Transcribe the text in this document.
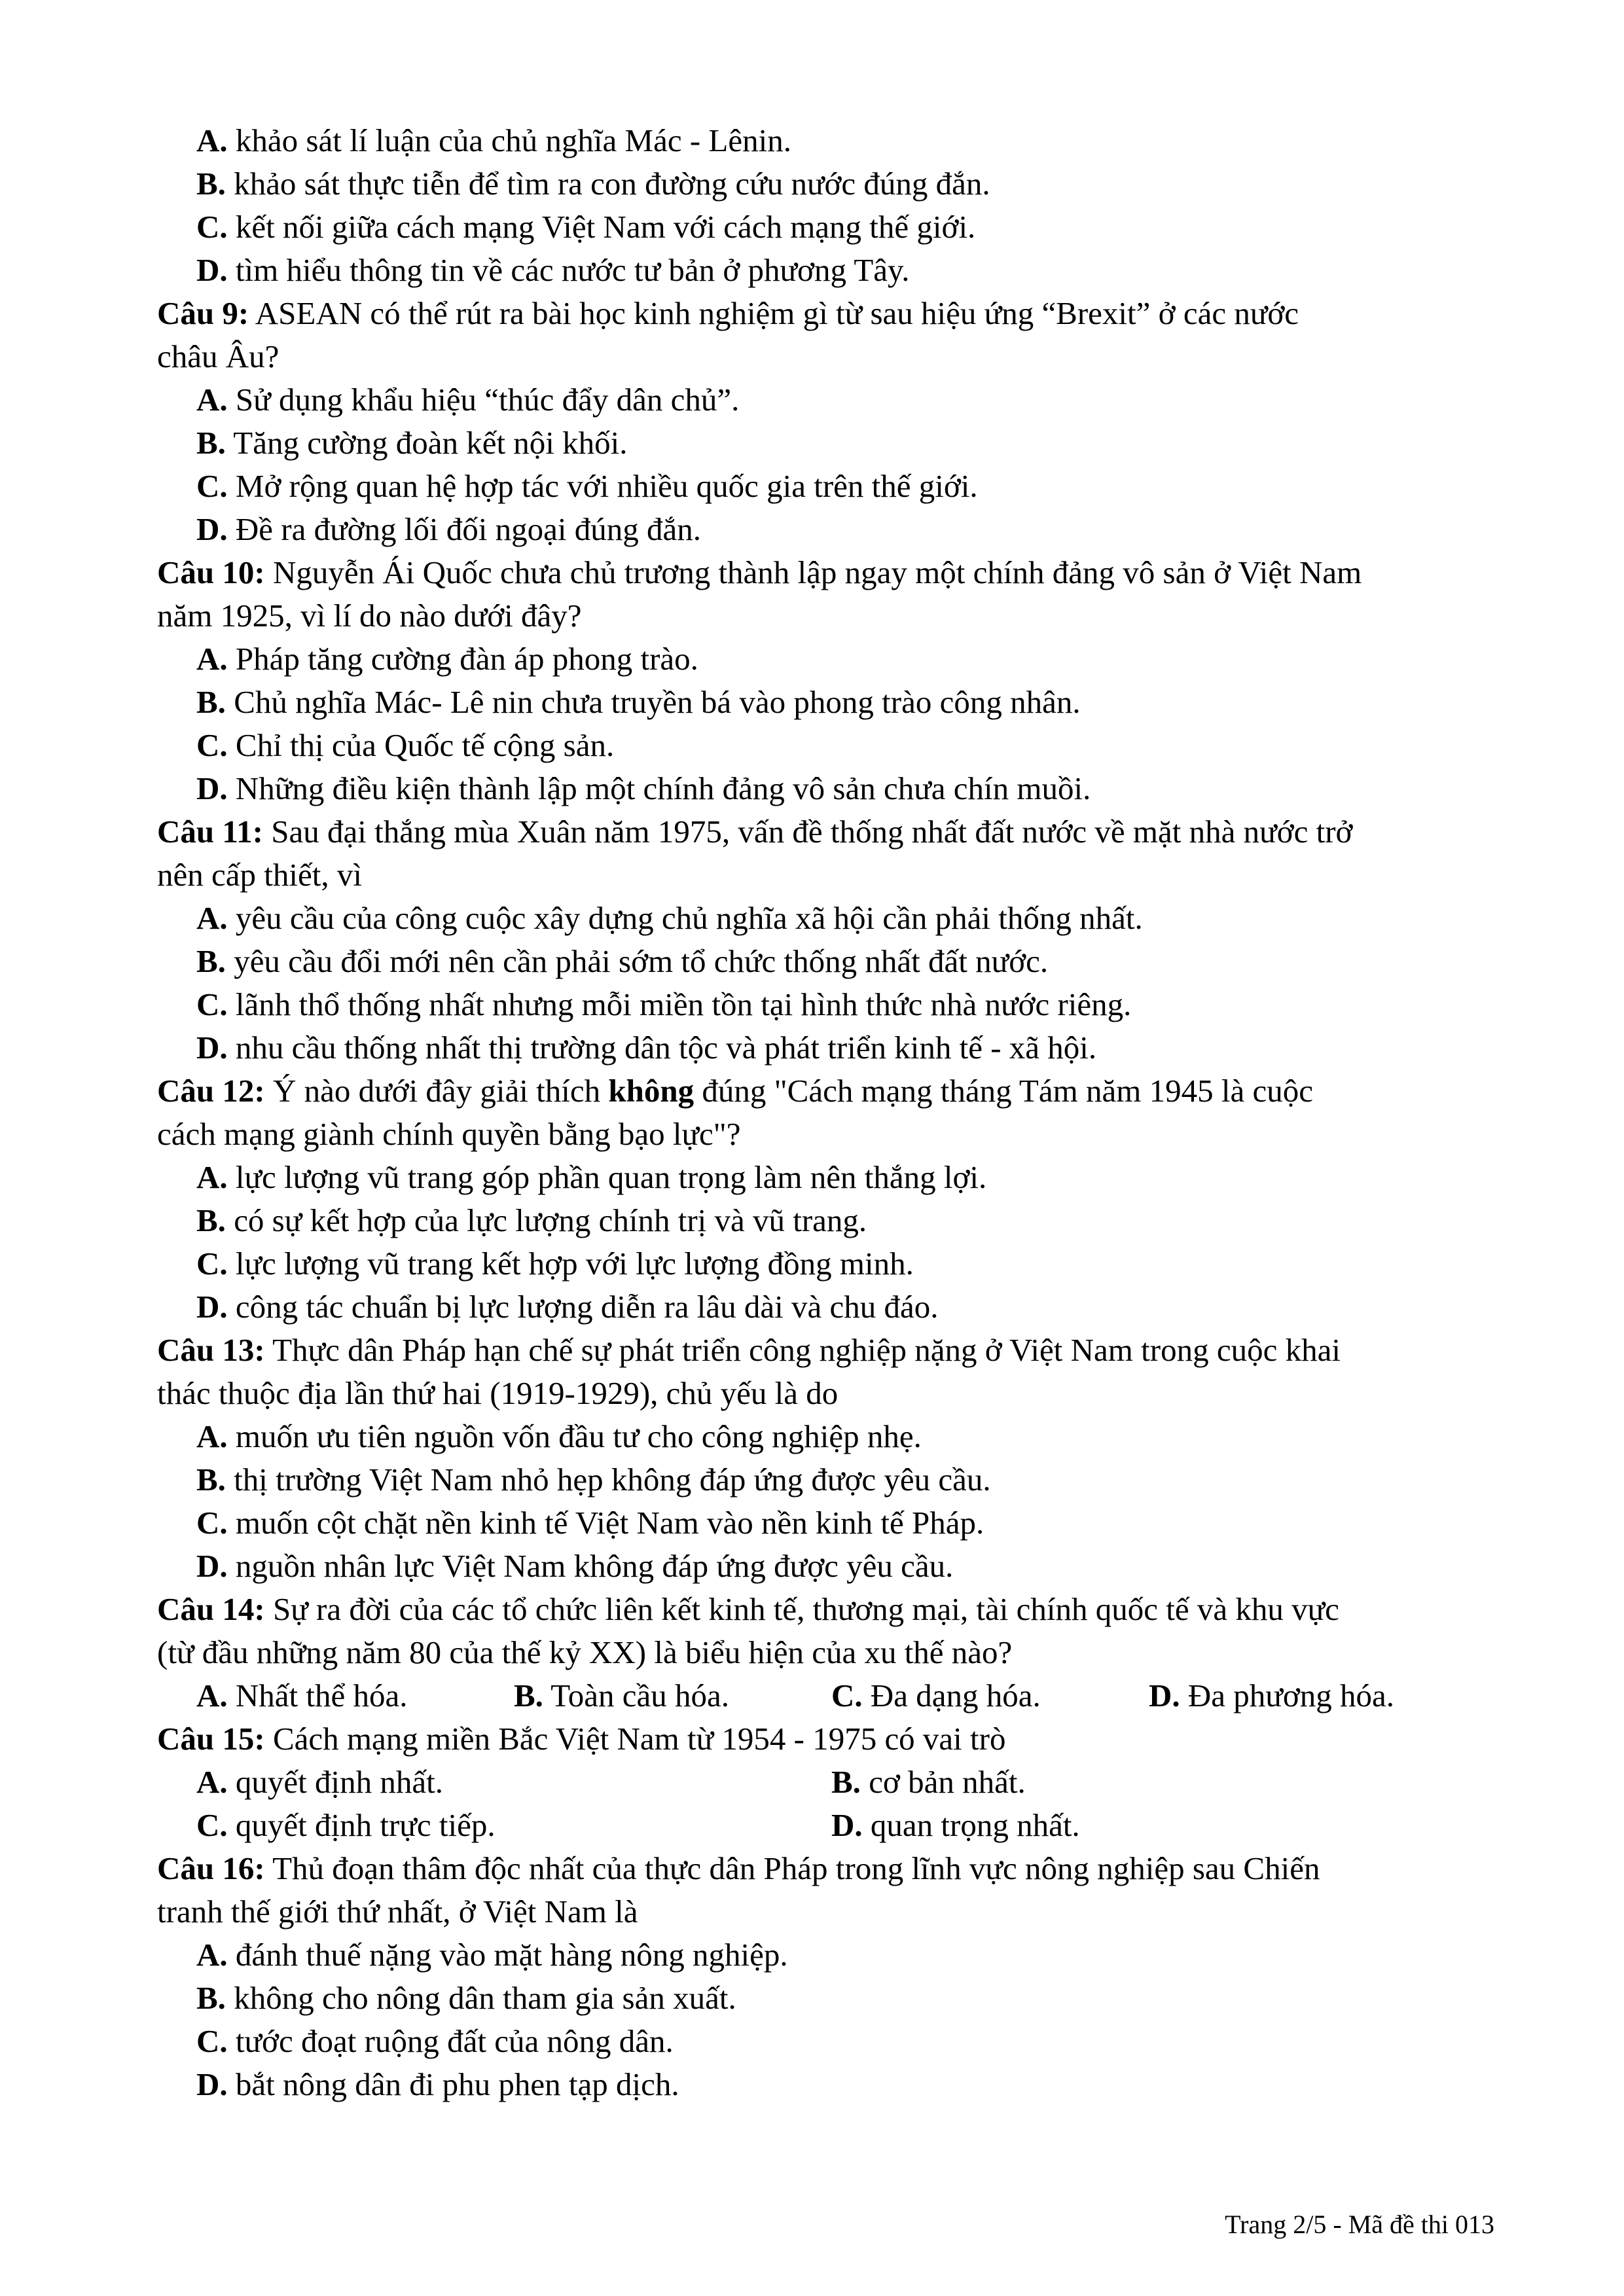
A. khảo sát lí luận của chủ nghĩa Mác - Lênin.
B. khảo sát thực tiễn để tìm ra con đường cứu nước đúng đắn.
C. kết nối giữa cách mạng Việt Nam với cách mạng thế giới.
D. tìm hiểu thông tin về các nước tư bản ở phương Tây.
Câu 9: ASEAN có thể rút ra bài học kinh nghiệm gì từ sau hiệu ứng “Brexit” ở các nước
châu Âu?
A. Sử dụng khẩu hiệu “thúc đẩy dân chủ”.
B. Tăng cường đoàn kết nội khối.
C. Mở rộng quan hệ hợp tác với nhiều quốc gia trên thế giới.
D. Đề ra đường lối đối ngoại đúng đắn.
Câu 10: Nguyễn Ái Quốc chưa chủ trương thành lập ngay một chính đảng vô sản ở Việt Nam
năm 1925, vì lí do nào dưới đây?
A. Pháp tăng cường đàn áp phong trào.
B. Chủ nghĩa Mác- Lê nin chưa truyền bá vào phong trào công nhân.
C. Chỉ thị của Quốc tế cộng sản.
D. Những điều kiện thành lập một chính đảng vô sản chưa chín muồi.
Câu 11: Sau đại thắng mùa Xuân năm 1975, vấn đề thống nhất đất nước về mặt nhà nước trở
nên cấp thiết, vì
A. yêu cầu của công cuộc xây dựng chủ nghĩa xã hội cần phải thống nhất.
B. yêu cầu đổi mới nên cần phải sớm tổ chức thống nhất đất nước.
C. lãnh thổ thống nhất nhưng mỗi miền tồn tại hình thức nhà nước riêng.
D. nhu cầu thống nhất thị trường dân tộc và phát triển kinh tế - xã hội.
Câu 12: Ý nào dưới đây giải thích không đúng "Cách mạng tháng Tám năm 1945 là cuộc
cách mạng giành chính quyền bằng bạo lực"?
A. lực lượng vũ trang góp phần quan trọng làm nên thắng lợi.
B. có sự kết hợp của lực lượng chính trị và vũ trang.
C. lực lượng vũ trang kết hợp với lực lượng đồng minh.
D. công tác chuẩn bị lực lượng diễn ra lâu dài và chu đáo.
Câu 13: Thực dân Pháp hạn chế sự phát triển công nghiệp nặng ở Việt Nam trong cuộc khai
thác thuộc địa lần thứ hai (1919-1929), chủ yếu là do
A. muốn ưu tiên nguồn vốn đầu tư cho công nghiệp nhẹ.
B. thị trường Việt Nam nhỏ hẹp không đáp ứng được yêu cầu.
C. muốn cột chặt nền kinh tế Việt Nam vào nền kinh tế Pháp.
D. nguồn nhân lực Việt Nam không đáp ứng được yêu cầu.
Câu 14: Sự ra đời của các tổ chức liên kết kinh tế, thương mại, tài chính quốc tế và khu vực
(từ đầu những năm 80 của thế kỷ XX) là biểu hiện của xu thế nào?
A. Nhất thể hóa.	B. Toàn cầu hóa.	C. Đa dạng hóa.	D. Đa phương hóa.
Câu 15: Cách mạng miền Bắc Việt Nam từ 1954 - 1975 có vai trò
A. quyết định nhất.	B. cơ bản nhất.
C. quyết định trực tiếp.	D. quan trọng nhất.
Câu 16: Thủ đoạn thâm độc nhất của thực dân Pháp trong lĩnh vực nông nghiệp sau Chiến
tranh thế giới thứ nhất, ở Việt Nam là
A. đánh thuế nặng vào mặt hàng nông nghiệp.
B. không cho nông dân tham gia sản xuất.
C. tước đoạt ruộng đất của nông dân.
D. bắt nông dân đi phu phen tạp dịch.
Trang 2/5 - Mã đề thi 013
